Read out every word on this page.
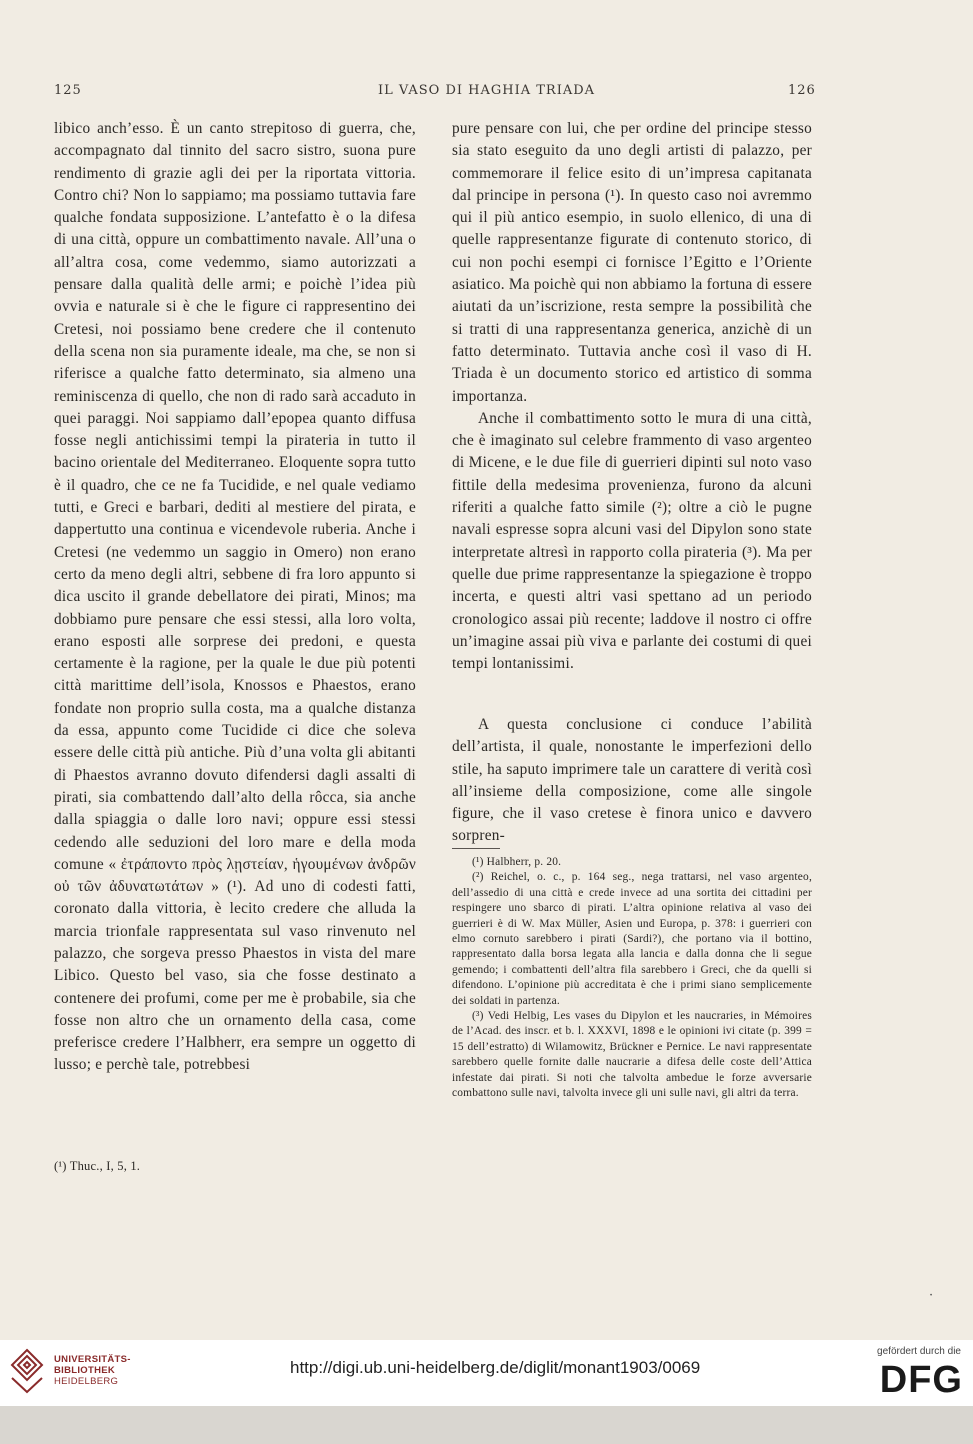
125	IL VASO DI HAGHIA TRIADA	126

libico anch’esso. È un canto strepitoso di guerra, che, accompagnato dal tinnito del sacro sistro, suona pure rendimento di grazie agli dei per la riportata vittoria. Contro chi? Non lo sappiamo; ma possiamo tuttavia fare qualche fondata supposizione. L’antefatto è o la difesa di una città, oppure un combattimento navale. All’una o all’altra cosa, come vedemmo, siamo autorizzati a pensare dalla qualità delle armi; e poichè l’idea più ovvia e naturale si è che le figure ci rappresentino dei Cretesi, noi possiamo bene credere che il contenuto della scena non sia puramente ideale, ma che, se non si riferisce a qualche fatto determinato, sia almeno una reminiscenza di quello, che non di rado sarà accaduto in quei paraggi. Noi sappiamo dall’epopea quanto diffusa fosse negli antichissimi tempi la pirateria in tutto il bacino orientale del Mediterraneo. Eloquente sopra tutto è il quadro, che ce ne fa Tucidide, e nel quale vediamo tutti, e Greci e barbari, dediti al mestiere del pirata, e dappertutto una continua e vicendevole ruberia. Anche i Cretesi (ne vedemmo un saggio in Omero) non erano certo da meno degli altri, sebbene di fra loro appunto si dica uscito il grande debellatore dei pirati, Minos; ma dobbiamo pure pensare che essi stessi, alla loro volta, erano esposti alle sorprese dei predoni, e questa certamente è la ragione, per la quale le due più potenti città marittime dell’isola, Knossos e Phaestos, erano fondate non proprio sulla costa, ma a qualche distanza da essa, appunto come Tucidide ci dice che soleva essere delle città più antiche. Più d’una volta gli abitanti di Phaestos avranno dovuto difendersi dagli assalti di pirati, sia combattendo dall’alto della rôcca, sia anche dalla spiaggia o dalle loro navi; oppure essi stessi cedendo alle seduzioni del loro mare e della moda comune « ἐτράποντο πρὸς λῃστείαν, ἡγουμένων ἀνδρῶν οὐ τῶν ἀδυνατωτάτων » (¹). Ad uno di codesti fatti, coronato dalla vittoria, è lecito credere che alluda la marcia trionfale rappresentata sul vaso rinvenuto nel palazzo, che sorgeva presso Phaestos in vista del mare Libico. Questo bel vaso, sia che fosse destinato a contenere dei profumi, come per me è probabile, sia che fosse non altro che un ornamento della casa, come preferisce credere l’Halbherr, era sempre un oggetto di lusso; e perchè tale, potrebbesi

(¹) Thuc., I, 5, 1.

pure pensare con lui, che per ordine del principe stesso sia stato eseguito da uno degli artisti di palazzo, per commemorare il felice esito di un’impresa capitanata dal principe in persona (¹). In questo caso noi avremmo qui il più antico esempio, in suolo ellenico, di una di quelle rappresentanze figurate di contenuto storico, di cui non pochi esempi ci fornisce l’Egitto e l’Oriente asiatico. Ma poichè qui non abbiamo la fortuna di essere aiutati da un’iscrizione, resta sempre la possibilità che si tratti di una rappresentanza generica, anzichè di un fatto determinato. Tuttavia anche così il vaso di H. Triada è un documento storico ed artistico di somma importanza.

Anche il combattimento sotto le mura di una città, che è imaginato sul celebre frammento di vaso argenteo di Micene, e le due file di guerrieri dipinti sul noto vaso fittile della medesima provenienza, furono da alcuni riferiti a qualche fatto simile (²); oltre a ciò le pugne navali espresse sopra alcuni vasi del Dipylon sono state interpretate altresì in rapporto colla pirateria (³). Ma per quelle due prime rappresentanze la spiegazione è troppo incerta, e questi altri vasi spettano ad un periodo cronologico assai più recente; laddove il nostro ci offre un’imagine assai più viva e parlante dei costumi di quei tempi lontanissimi.

A questa conclusione ci conduce l’abilità dell’artista, il quale, nonostante le imperfezioni dello stile, ha saputo imprimere tale un carattere di verità così all’insieme della composizione, come alle singole figure, che il vaso cretese è finora unico e davvero sorpren-

(¹) Halbherr, p. 20.

(²) Reichel, o. c., p. 164 seg., nega trattarsi, nel vaso argenteo, dell’assedio di una città e crede invece ad una sortita dei cittadini per respingere uno sbarco di pirati. L’altra opinione relativa al vaso dei guerrieri è di W. Max Müller, Asien und Europa, p. 378: i guerrieri con elmo cornuto sarebbero i pirati (Sardi?), che portano via il bottino, rappresentato dalla borsa legata alla lancia e dalla donna che li segue gemendo; i combattenti dell’altra fila sarebbero i Greci, che da quelli si difendono. L’opinione più accreditata è che i primi siano semplicemente dei soldati in partenza.

(³) Vedi Helbig, Les vases du Dipylon et les naucraries, in Mémoires de l’Acad. des inscr. et b. l. XXXVI, 1898 e le opinioni ivi citate (p. 399 = 15 dell’estratto) di Wilamowitz, Brückner e Pernice. Le navi rappresentate sarebbero quelle fornite dalle naucrarie a difesa delle coste dell’Attica infestate dai pirati. Si noti che talvolta ambedue le forze avversarie combattono sulle navi, talvolta invece gli uni sulle navi, gli altri da terra.

·
UNIVERSITÄTS-
BIBLIOTHEK
HEIDELBERG
http://digi.ub.uni-heidelberg.de/diglit/monant1903/0069
gefördert durch die
DFG
